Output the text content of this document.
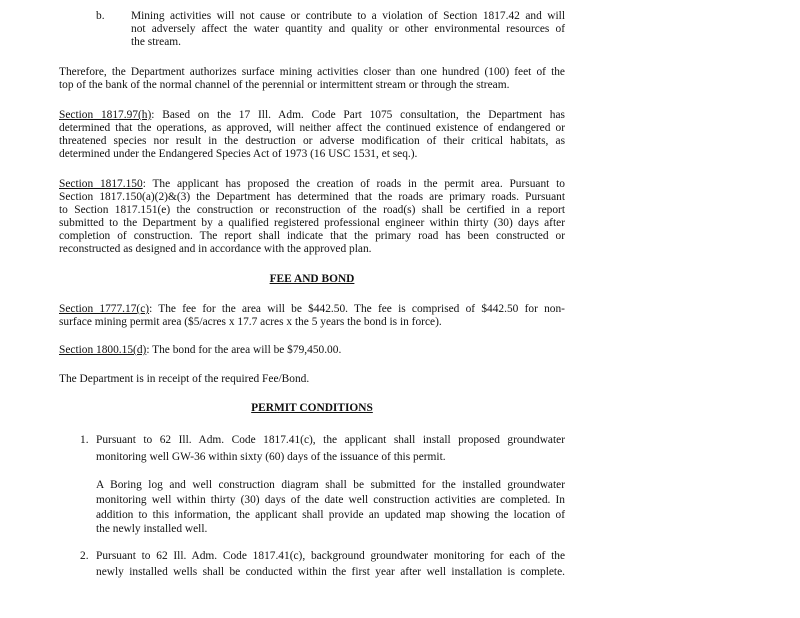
b. Mining activities will not cause or contribute to a violation of Section 1817.42 and will
not adversely affect the water quantity and quality or other environmental resources of
the stream.
Therefore, the Department authorizes surface mining activities closer than one hundred (100) feet of the
top of the bank of the normal channel of the perennial or intermittent stream or through the stream.
Section 1817.97(h): Based on the 17 Ill. Adm. Code Part 1075 consultation, the Department has
determined that the operations, as approved, will neither affect the continued existence of endangered or
threatened species nor result in the destruction or adverse modification of their critical habitats, as
determined under the Endangered Species Act of 1973 (16 USC 1531, et seq.).
Section 1817.150: The applicant has proposed the creation of roads in the permit area. Pursuant to
Section 1817.150(a)(2)&(3) the Department has determined that the roads are primary roads. Pursuant
to Section 1817.151(e) the construction or reconstruction of the road(s) shall be certified in a report
submitted to the Department by a qualified registered professional engineer within thirty (30) days after
completion of construction. The report shall indicate that the primary road has been constructed or
reconstructed as designed and in accordance with the approved plan.
FEE AND BOND
Section 1777.17(c): The fee for the area will be $442.50. The fee is comprised of $442.50 for non-
surface mining permit area ($5/acres x 17.7 acres x the 5 years the bond is in force).
Section 1800.15(d): The bond for the area will be $79,450.00.
The Department is in receipt of the required Fee/Bond.
PERMIT CONDITIONS
1. Pursuant to 62 Ill. Adm. Code 1817.41(c), the applicant shall install proposed groundwater
monitoring well GW-36 within sixty (60) days of the issuance of this permit.
A Boring log and well construction diagram shall be submitted for the installed groundwater
monitoring well within thirty (30) days of the date well construction activities are completed. In
addition to this information, the applicant shall provide an updated map showing the location of
the newly installed well.
2. Pursuant to 62 Ill. Adm. Code 1817.41(c), background groundwater monitoring for each of the
newly installed wells shall be conducted within the first year after well installation is complete.
